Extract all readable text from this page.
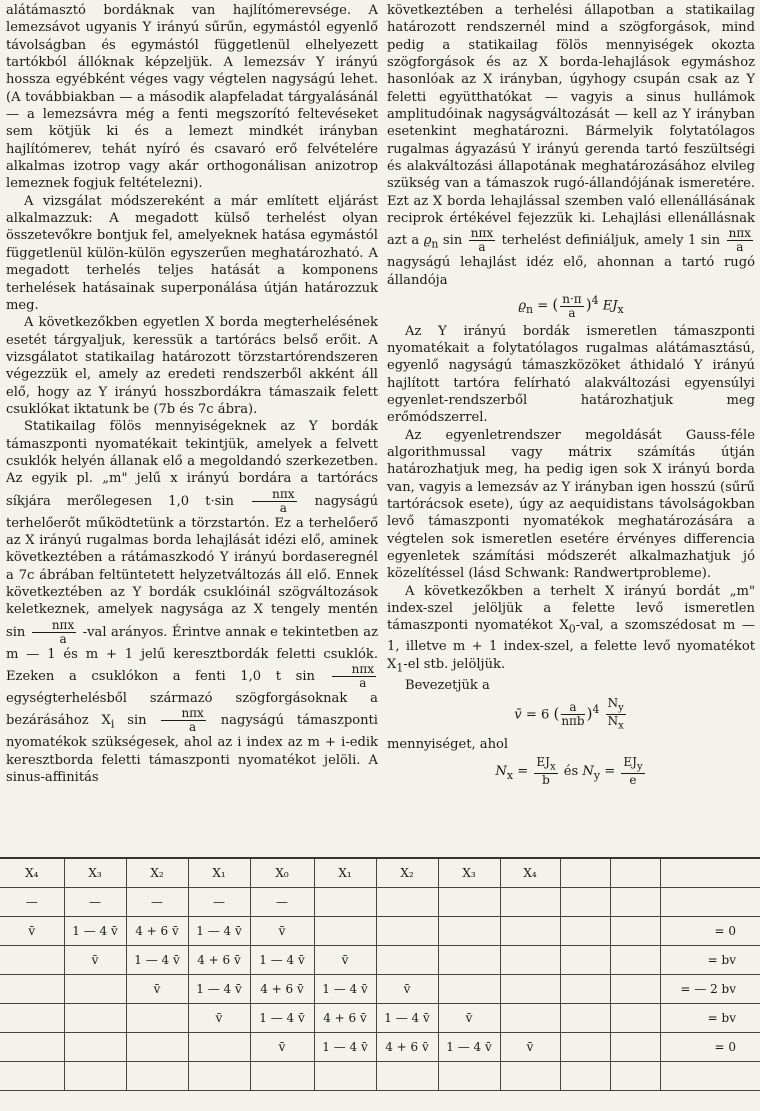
alátámasztó bordáknak van hajlítómerevsége. A lemezsávot ugyanis Y irányú sűrűn, egymástól egyenlő távolságban és egymástól függetlenül elhelyezett tartókból állóknak képzeljük. A lemezsáv Y irányú hossza egyébként véges vagy végtelen nagyságú lehet. (A továbbiakban — a második alapfeladat tárgyalásánál — a lemezsávra még a fenti megszorító feltevéseket sem kötjük ki és a lemezt mindkét irányban hajlítómerev, tehát nyíró és csavaró erő felvételére alkalmas izotrop vagy akár orthogonálisan anizotrop lemeznek fogjuk feltételezni).

A vizsgálat módszereként a már említett eljárást alkalmazzuk: A megadott külső terhelést olyan összetevőkre bontjuk fel, amelyeknek hatása egymástól függetlenül külön-külön egyszerűen meghatározható. A megadott terhelés teljes hatását a komponens terhelések hatásainak superponálása útján határozzuk meg.

A következőkben egyetlen X borda megterhelésének esetét tárgyaljuk, keressük a tartórács belső erőit. A vizsgálatot statikailag határozott törzstartórendszeren végezzük el, amely az eredeti rendszerből akként áll elő, hogy az Y irányú hosszbordákra támaszaik felett csuklókat iktatunk be (7b és 7c ábra).

Statikailag fölös mennyiségeknek az Y bordák támaszponti nyomatékait tekintjük, amelyek a felvett csuklók helyén állanak elő a megoldandó szerkezetben. Az egyik pl. „m" jelű x irányú bordára a tartórács síkjára merőlegesen 1,0 $t\cdot\sin \frac{\text{nπx}}{a}$ nagyságú terhelőerőt működtetünk a törzstartón. Ez a terhelőerő az X irányú rugalmas borda lehajlását idézi elő, aminek következtében a rátámaszkodó Y irányú bordaseregnél a 7c ábrában feltüntetett helyzetváltozás áll elő. Ennek következtében az Y bordák csuklóinál szögváltozások keletkeznek, amelyek nagysága az X tengely mentén $\sin \frac{\text{nπx}}{a} -val$ arányos. Érintve annak e tekintetben az m — 1 és m + 1 jelű keresztbordák feletti csuklók. Ezeken a csuklókon a fenti 1,0 t $\sin \frac{\text{nπx}}{a}$
egységterhelésből származó szögforgásoknak a bezárásához $X_i$ $\sin \frac{\text{nπx}}{a}$ nagyságú támaszponti nyomatékok szükségesek, ahol az i index az m + i-edik keresztborda feletti támaszponti nyomatékot jelöli. A sinus-affinitás

következtében a terhelési állapotban a statikailag határozott rendszernél mind a szögforgások, mind pedig a statikailag fölös mennyiségek okozta szögforgások és az X borda-lehajlások egymáshoz hasonlóak az X irányban, úgyhogy csupán csak az Y feletti együtthatókat — vagyis a sinus hullámok amplitudóinak nagyságváltozását — kell az Y irányban esetenkint meghatározni. Bármelyik folytatólagos rugalmas ágyazású Y irányú gerenda tartó feszültségi és alakváltozási állapotának meghatározásához elvileg szükség van a támaszok rugó-állandójának ismeretére. Ezt az X borda lehajlással szemben való ellenállásának reciprok értékével fejezzük ki. Lehajlási ellenállásnak azt a $ϱ_n$ $\sin \frac{\text{nπx}}{a}$ terhelést definiáljuk, amely 1 $\sin \frac{\text{nπx}}{a}$
nagyságú lehajlást idéz elő, ahonnan a tartó rugó állandója

$ϱ_n$ = ( $\frac{n\cdot\pi}{a} )^4$ $EJ_x$

Az Y irányú bordák ismeretlen támaszponti nyomatékait a folytatólagos rugalmas alátámasztású, egyenlő nagyságú támaszközöket áthidaló Y irányú hajlított tartóra felírható alakváltozási egyensúlyi egyenlet-rendszerből határozhatjuk meg erőmódszerrel.

Az egyenletrendszer megoldását Gauss-féle algorithmussal vagy mátrix számítás útján határozhatjuk meg, ha pedig igen sok X irányú borda van, vagyis a lemezsáv az Y irányban igen hosszú (sűrű tartórácsok esete), úgy az aequidistans távolságokban levő támaszponti nyomatékok meghatározására a végtelen sok ismeretlen esetére érvényes differencia egyenletek számítási módszerét alkalmazhatjuk jó közelítéssel (lásd Schwank: Randwertprobleme).

A következőkben a terhelt X irányú bordát „m" index-szel jelöljük a felette levő ismeretlen támaszponti nyomatékot $X_0$-val, a szomszédosat m — 1, illetve m + 1 index-szel, a felette levő nyomatékot $X_1-el$ stb. jelöljük.

Bevezetjük a

v̄ = 6 ( $\frac{a}{\text{nπb}} )^4 \frac{N_y}{N_x}$

mennyiséget, ahol

$N_x = \frac{EJ_x}{b}$ és $N_y = \frac{EJ_y}{e}$
X₄	X₃	X₂	X₁	X₀	X₁	X₂	X₃	X₄			
—	—	—	—	—							
v̄	1 — 4 v̄	4 + 6 v̄	1 — 4 v̄	v̄							= 0
	v̄	1 — 4 v̄	4 + 6 v̄	1 — 4 v̄	v̄						= bv
		v̄	1 — 4 v̄	4 + 6 v̄	1 — 4 v̄	v̄					= — 2 bv
			v̄	1 — 4 v̄	4 + 6 v̄	1 — 4 v̄	v̄				= bv
				v̄	1 — 4 v̄	4 + 6 v̄	1 — 4 v̄	v̄			= 0
